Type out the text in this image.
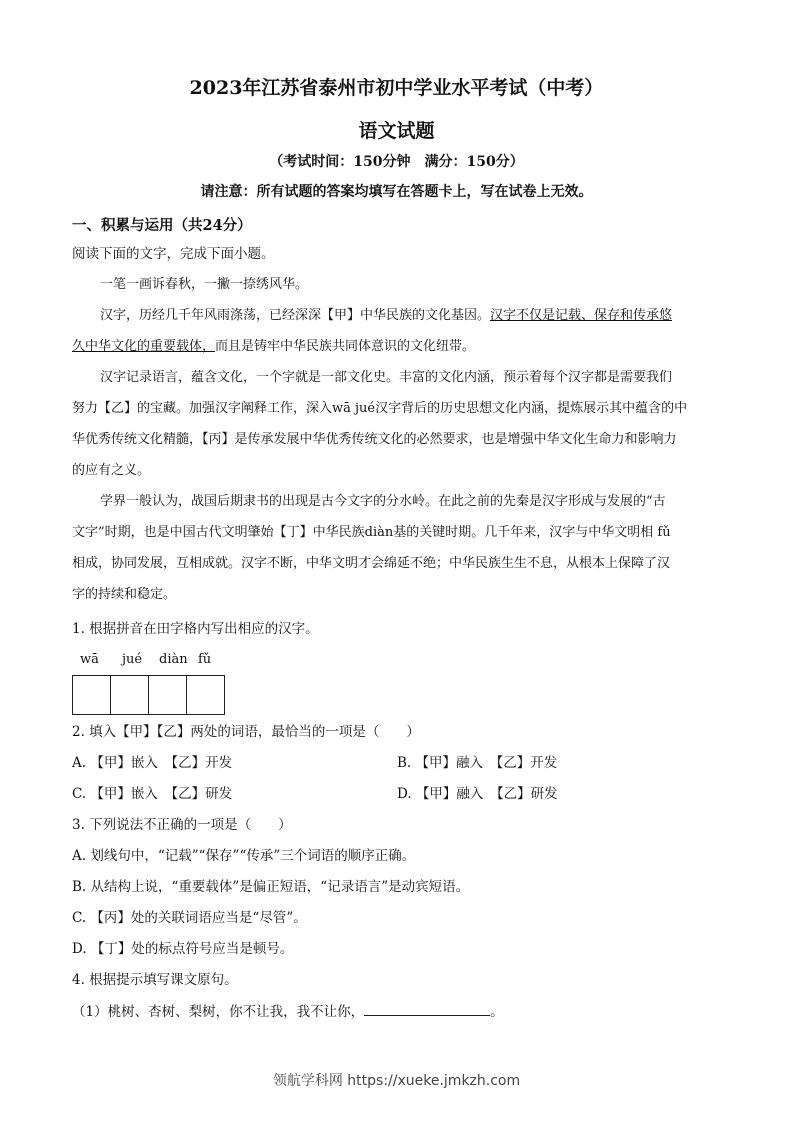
2023年江苏省泰州市初中学业水平考试（中考）
语文试题
（考试时间：150分钟　满分：150分）
请注意：所有试题的答案均填写在答题卡上，写在试卷上无效。
一、积累与运用（共24分）
阅读下面的文字，完成下面小题。
一笔一画诉春秋，一撇一捺绣风华。
汉字，历经几千年风雨涤荡，已经深深【甲】中华民族的文化基因。汉字不仅是记载、保存和传承悠
久中华文化的重要载体，而且是铸牢中华民族共同体意识的文化纽带。
汉字记录语言，蕴含文化，一个字就是一部文化史。丰富的文化内涵，预示着每个汉字都是需要我们
努力【乙】的宝藏。加强汉字阐释工作，深入wā jué汉字背后的历史思想文化内涵，提炼展示其中蕴含的中
华优秀传统文化精髓，【丙】是传承发展中华优秀传统文化的必然要求，也是增强中华文化生命力和影响力
的应有之义。
学界一般认为，战国后期隶书的出现是古今文字的分水岭。在此之前的先秦是汉字形成与发展的“古
文字”时期，也是中国古代文明肇始【丁】中华民族diàn基的关键时期。几千年来，汉字与中华文明相 fǔ
相成，协同发展，互相成就。汉字不断，中华文明才会绵延不绝；中华民族生生不息，从根本上保障了汉
字的持续和稳定。
1. 根据拼音在田字格内写出相应的汉字。
wā jué diàn fǔ
2. 填入【甲】【乙】两处的词语，最恰当的一项是（　　）
A. 【甲】嵌入　【乙】开发	B. 【甲】融入　【乙】开发
C. 【甲】嵌入　【乙】研发	D. 【甲】融入　【乙】研发
3. 下列说法不正确的一项是（　　）
A. 划线句中，“记载”“保存”“传承”三个词语的顺序正确。
B. 从结构上说，“重要载体”是偏正短语，“记录语言”是动宾短语。
C. 【丙】处的关联词语应当是“尽管”。
D. 【丁】处的标点符号应当是顿号。
4. 根据提示填写课文原句。
（1）桃树、杏树、梨树，你不让我，我不让你，	。
领航学科网 https://xueke.jmkzh.com
